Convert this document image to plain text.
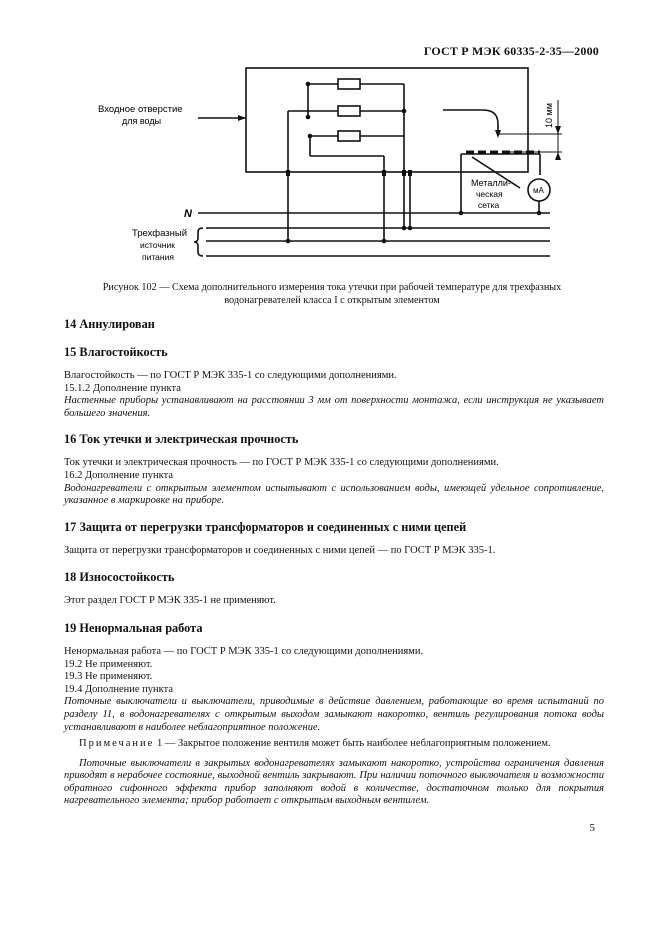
ГОСТ Р МЭК 60335-2-35—2000
Входное отверстие
для воды	10 мм
Металли-
ческая
сетка
мА
N
Трехфазный
источник
питания
Рисунок 102 — Схема дополнительного измерения тока утечки при рабочей температуре для трехфазных водонагревателей класса I с открытым элементом
14 Аннулирован
15 Влагостойкость

Влагостойкость — по ГОСТ Р МЭК 335-1 со следующими дополнениями.

15.1.2 Дополнение пункта

Настенные приборы устанавливают на расстоянии 3 мм от поверхности монтажа, если инструкция не указывает большего значения.

16 Ток утечки и электрическая прочность

Ток утечки и электрическая прочность — по ГОСТ Р МЭК 335-1 со следующими дополнениями.

16.2 Дополнение пункта

Водонагреватели с открытым элементом испытывают с использованием воды, имеющей удельное сопротивление, указанное в маркировке на приборе.

17 Защита от перегрузки трансформаторов и соединенных с ними цепей

Защита от перегрузки трансформаторов и соединенных с ними цепей — по ГОСТ Р МЭК 335-1.

18 Износостойкость

Этот раздел ГОСТ Р МЭК 335-1 не применяют.

19 Ненормальная работа

Ненормальная работа — по ГОСТ Р МЭК 335-1 со следующими дополнениями.

19.2 Не применяют.

19.3 Не применяют.

19.4 Дополнение пункта

Поточные выключатели и выключатели, приводимые в действие давлением, работающие во время испытаний по разделу 11, в водонагревателях с открытым выходом замыкают накоротко, вентиль регулирования потока воды устанавливают в наиболее неблагоприятное положение.

Примечание 1 — Закрытое положение вентиля может быть наиболее неблагоприятным положением.

Поточные выключатели в закрытых водонагревателях замыкают накоротко, устройства ограничения давления приводят в нерабочее состояние, выходной вентиль закрывают. При наличии поточного выключателя и возможности обратного сифонного эффекта прибор заполняют водой в количестве, достаточном только для покрытия нагревательного элемента; прибор работает с открытым выходным вентилем.

5
